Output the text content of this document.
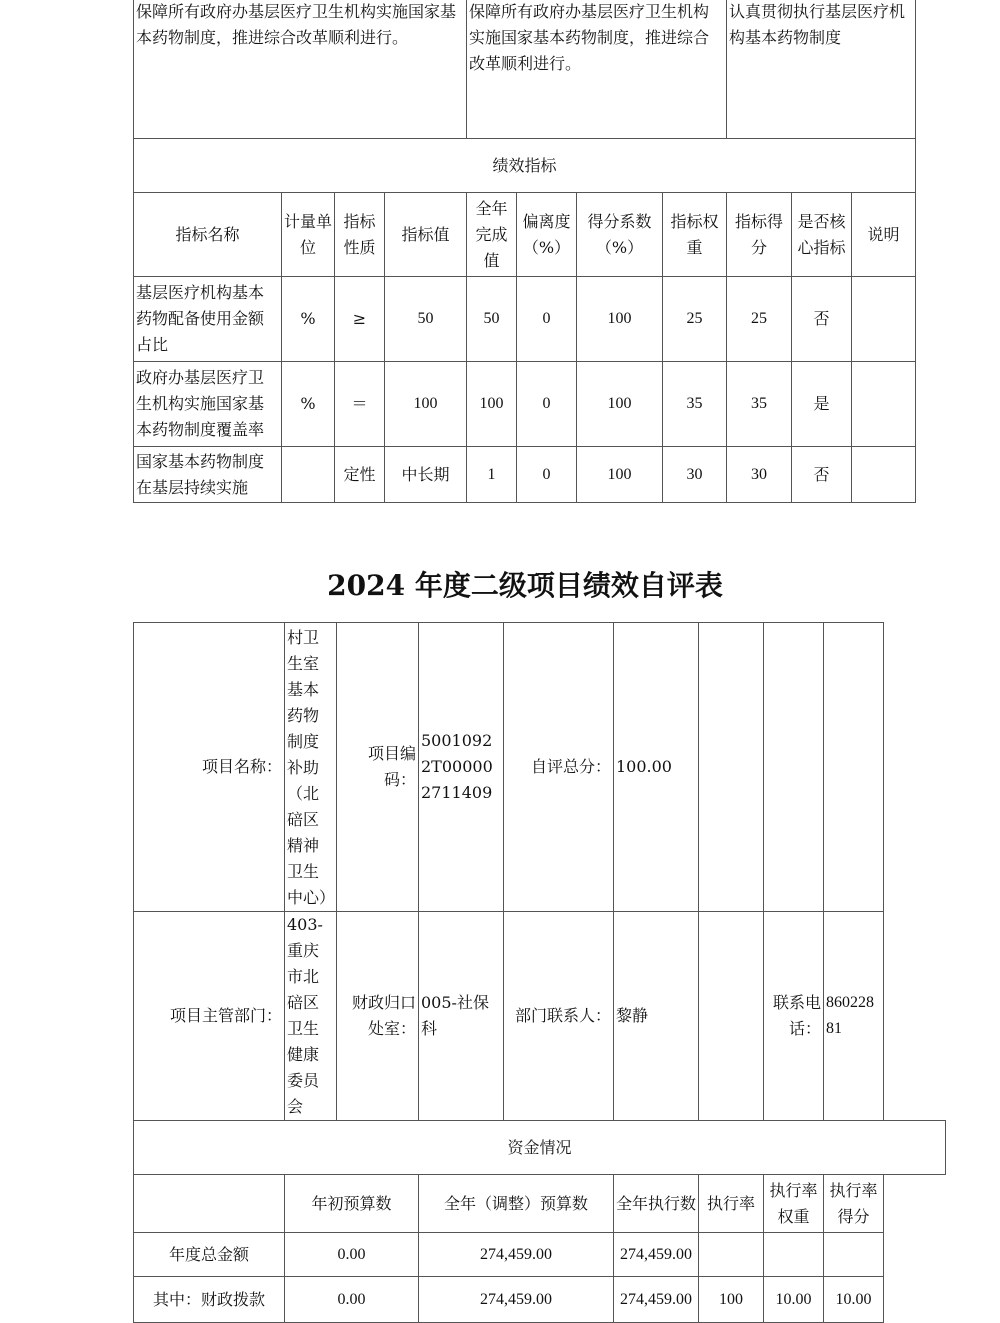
保障所有政府办基层医疗卫生机构实施国家基本药物制度，推进综合改革顺利进行。				保障所有政府办基层医疗卫生机构实施国家基本药物制度，推进综合改革顺利进行。				认真贯彻执行基层医疗机构基本药物制度		
绩效指标										
指标名称	计量单位	指标性质	指标值	全年完成值	偏离度（%）	得分系数（%）	指标权重	指标得分	是否核心指标	说明
基层医疗机构基本药物配备使用金额占比	%	≥	50	50	0	100	25	25	否	
政府办基层医疗卫生机构实施国家基本药物制度覆盖率	%	＝	100	100	0	100	35	35	是	
国家基本药物制度在基层持续实施		定性	中长期	1	0	100	30	30	否	
2024 年度二级项目绩效自评表
项目名称：	村卫生室基本药物制度补助（北碚区精神卫生中心）	项目编码：	50010922T000002711409	自评总分：	100.00			
项目主管部门：	403-重庆市北碚区卫生健康委员会	财政归口处室：	005-社保科	部门联系人：	黎静		联系电话：	86022881
资金情况								
	年初预算数		全年（调整）预算数		全年执行数	执行率	执行率权重	执行率得分
年度总金额	0.00		274,459.00		274,459.00			
其中：财政拨款	0.00		274,459.00		274,459.00	100	10.00	10.00
